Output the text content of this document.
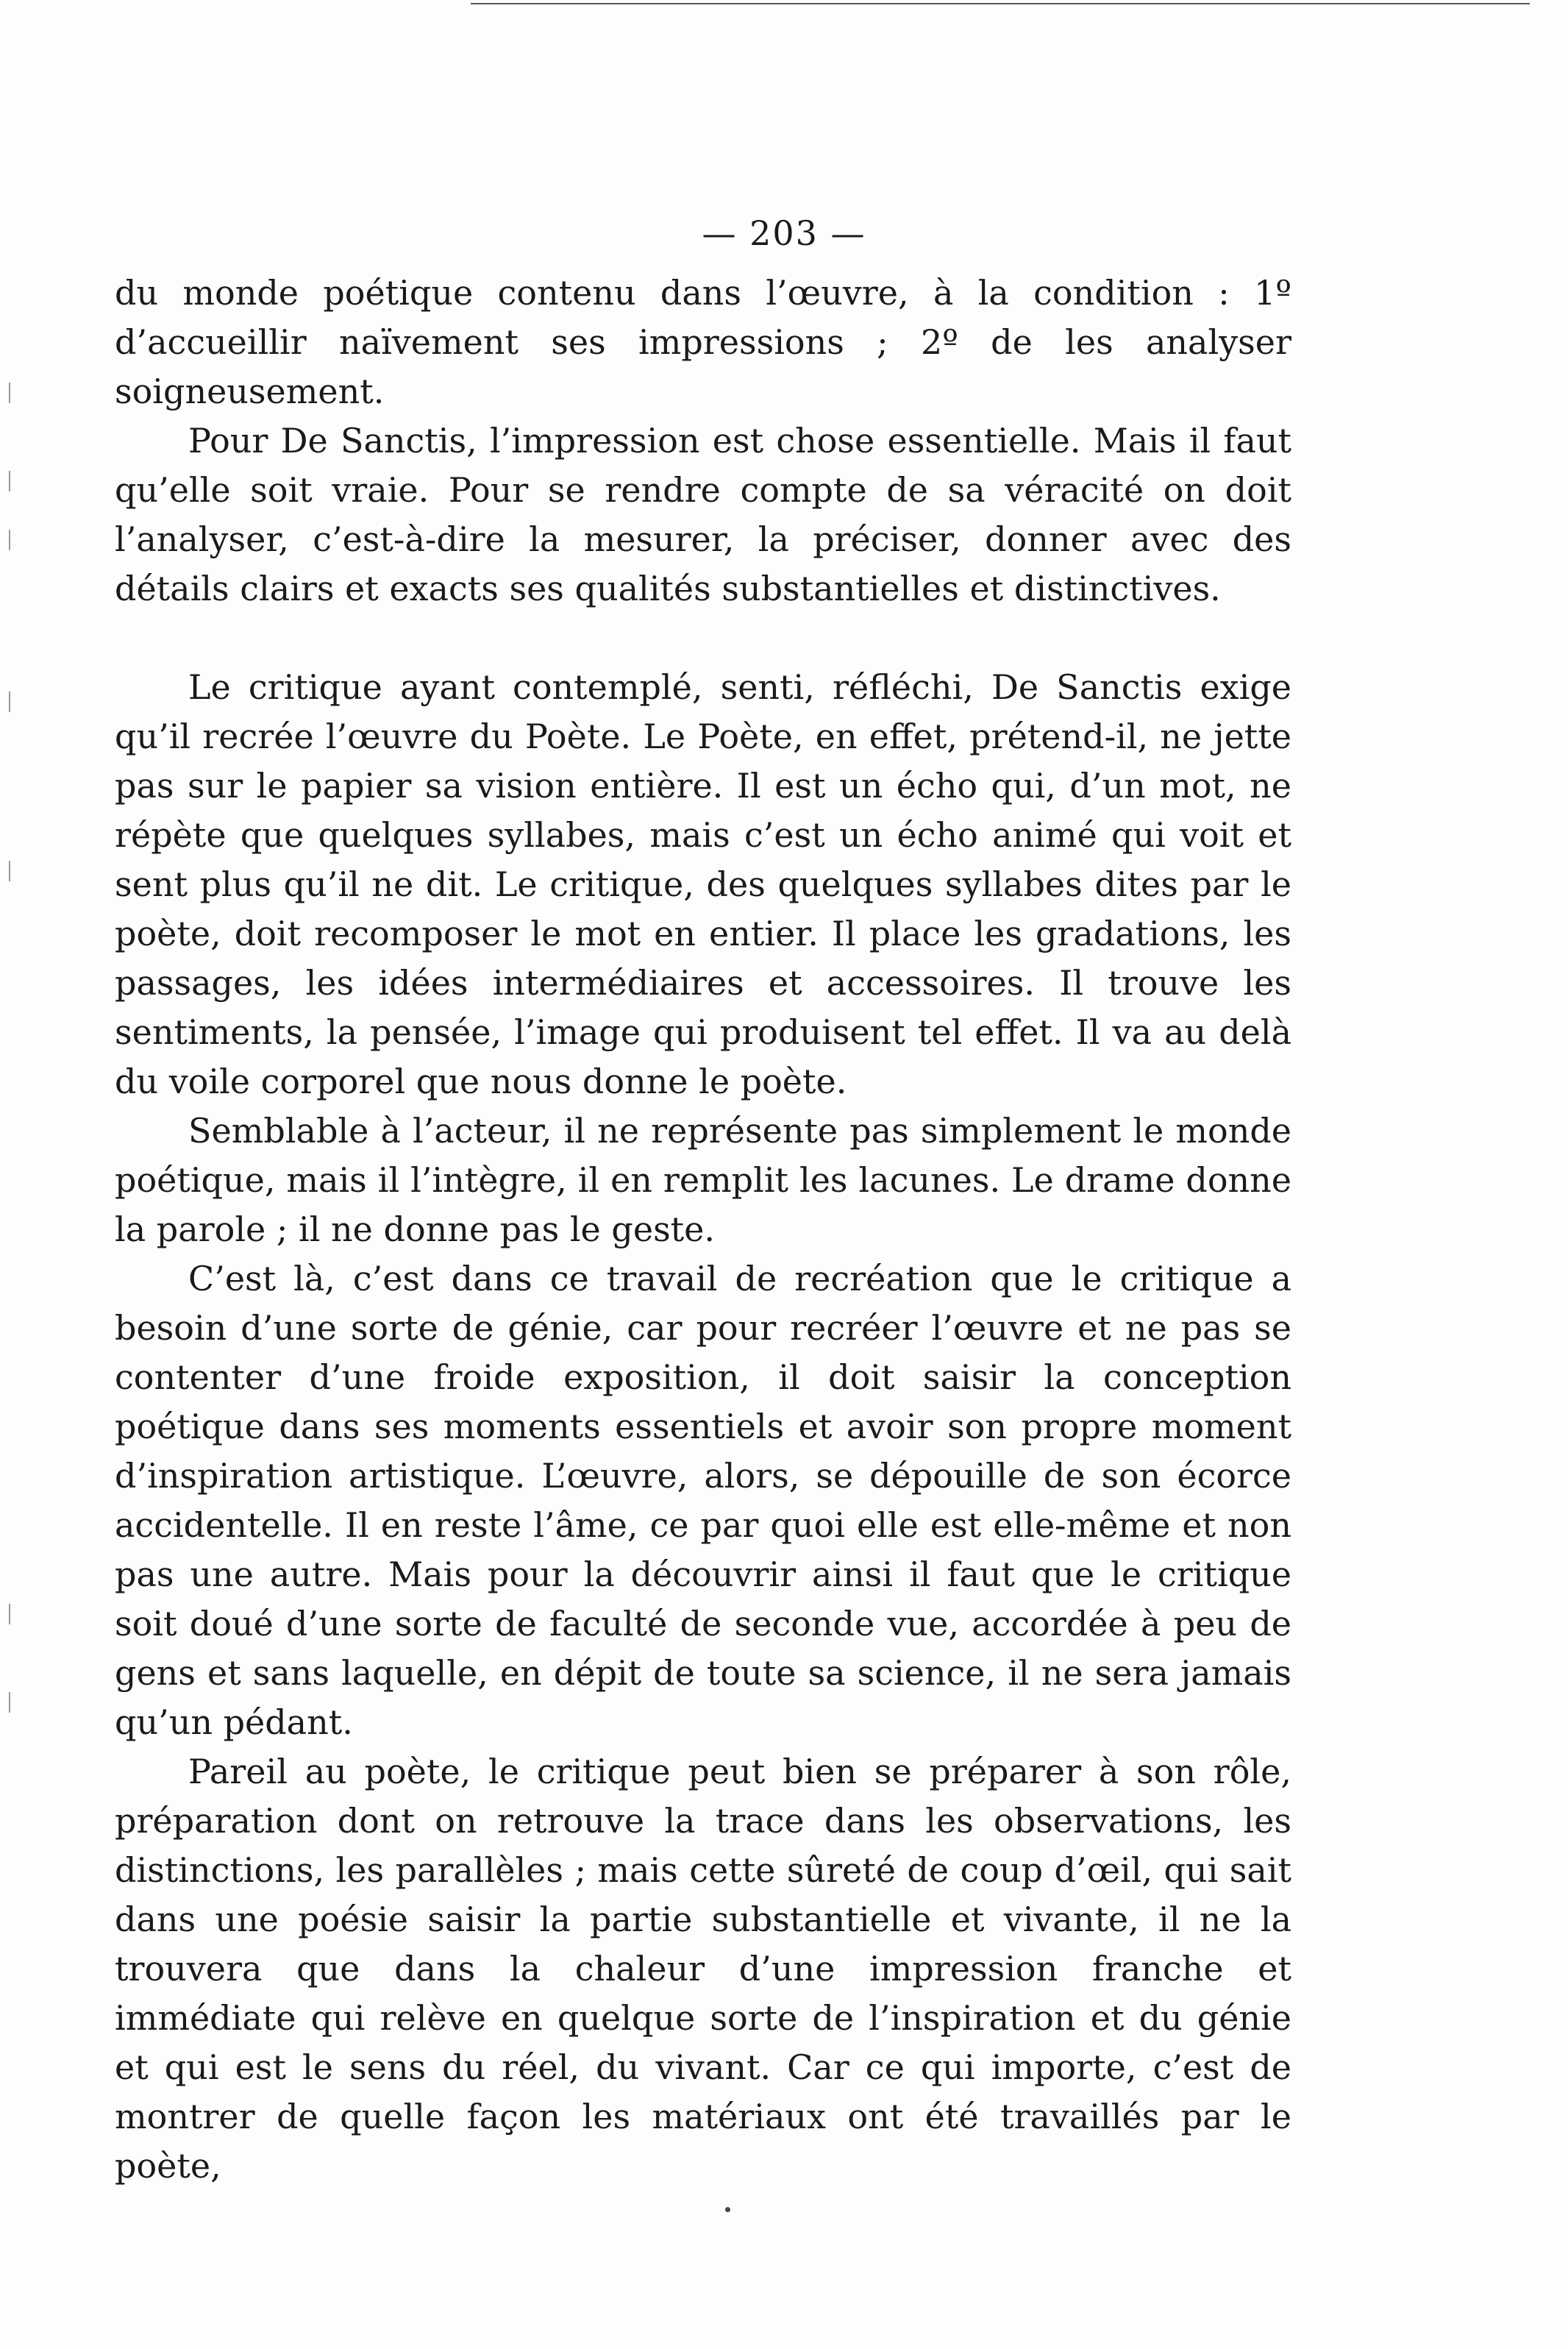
— 203 —

du monde poétique contenu dans l’œuvre, à la condition : 1º d’accueillir naïvement ses impressions ; 2º de les analyser soigneusement.

Pour De Sanctis, l’impression est chose essentielle. Mais il faut qu’elle soit vraie. Pour se rendre compte de sa véracité on doit l’analyser, c’est-à-dire la mesurer, la préciser, donner avec des détails clairs et exacts ses qualités substantielles et distinctives.

Le critique ayant contemplé, senti, réfléchi, De Sanctis exige qu’il recrée l’œuvre du Poète. Le Poète, en effet, prétend-il, ne jette pas sur le papier sa vision entière. Il est un écho qui, d’un mot, ne répète que quelques syllabes, mais c’est un écho animé qui voit et sent plus qu’il ne dit. Le critique, des quelques syllabes dites par le poète, doit recomposer le mot en entier. Il place les gradations, les passages, les idées intermédiaires et accessoires. Il trouve les sentiments, la pensée, l’image qui produisent tel effet. Il va au delà du voile corporel que nous donne le poète.

Semblable à l’acteur, il ne représente pas simplement le monde poétique, mais il l’intègre, il en remplit les lacunes. Le drame donne la parole ; il ne donne pas le geste.

C’est là, c’est dans ce travail de recréation que le critique a besoin d’une sorte de génie, car pour recréer l’œuvre et ne pas se contenter d’une froide exposition, il doit saisir la conception poétique dans ses moments essentiels et avoir son propre moment d’inspiration artistique. L’œuvre, alors, se dépouille de son écorce accidentelle. Il en reste l’âme, ce par quoi elle est elle-même et non pas une autre. Mais pour la découvrir ainsi il faut que le critique soit doué d’une sorte de faculté de seconde vue, accordée à peu de gens et sans laquelle, en dépit de toute sa science, il ne sera jamais qu’un pédant.

Pareil au poète, le critique peut bien se préparer à son rôle, préparation dont on retrouve la trace dans les observations, les distinctions, les parallèles ; mais cette sûreté de coup d’œil, qui sait dans une poésie saisir la partie substantielle et vivante, il ne la trouvera que dans la chaleur d’une impression franche et immédiate qui relève en quelque sorte de l’inspiration et du génie et qui est le sens du réel, du vivant. Car ce qui importe, c’est de montrer de quelle façon les matériaux ont été travaillés par le poète,
